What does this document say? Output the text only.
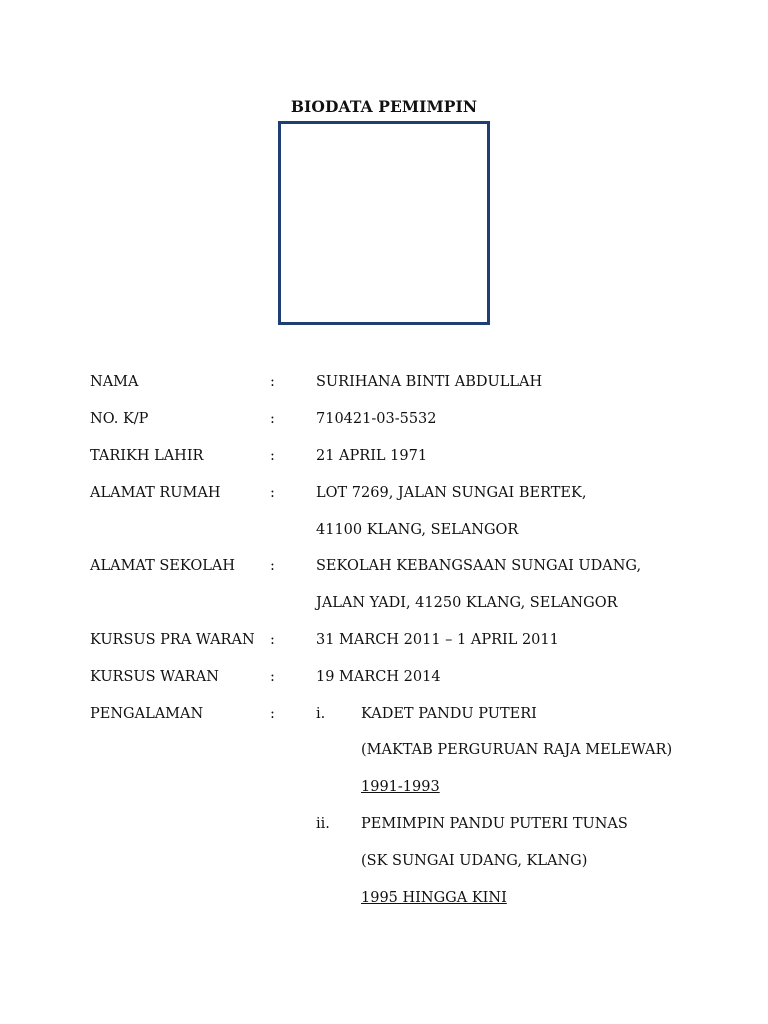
BIODATA PEMIMPIN
NAMA	:	SURIHANA BINTI ABDULLAH
NO. K/P	:	710421-03-5532
TARIKH LAHIR	:	21 APRIL 1971
ALAMAT RUMAH	:	LOT 7269, JALAN SUNGAI BERTEK,
41100 KLANG, SELANGOR
ALAMAT SEKOLAH :	SEKOLAH KEBANGSAAN SUNGAI UDANG,
JALAN YADI, 41250 KLANG, SELANGOR
KURSUS PRA WARAN :	31 MARCH 2011 – 1 APRIL 2011
KURSUS WARAN	:	19 MARCH 2014
PENGALAMAN	:	i. KADET PANDU PUTERI
(MAKTAB PERGURUAN RAJA MELEWAR)
1991-1993
ii. PEMIMPIN PANDU PUTERI TUNAS
(SK SUNGAI UDANG, KLANG)
1995 HINGGA KINI
